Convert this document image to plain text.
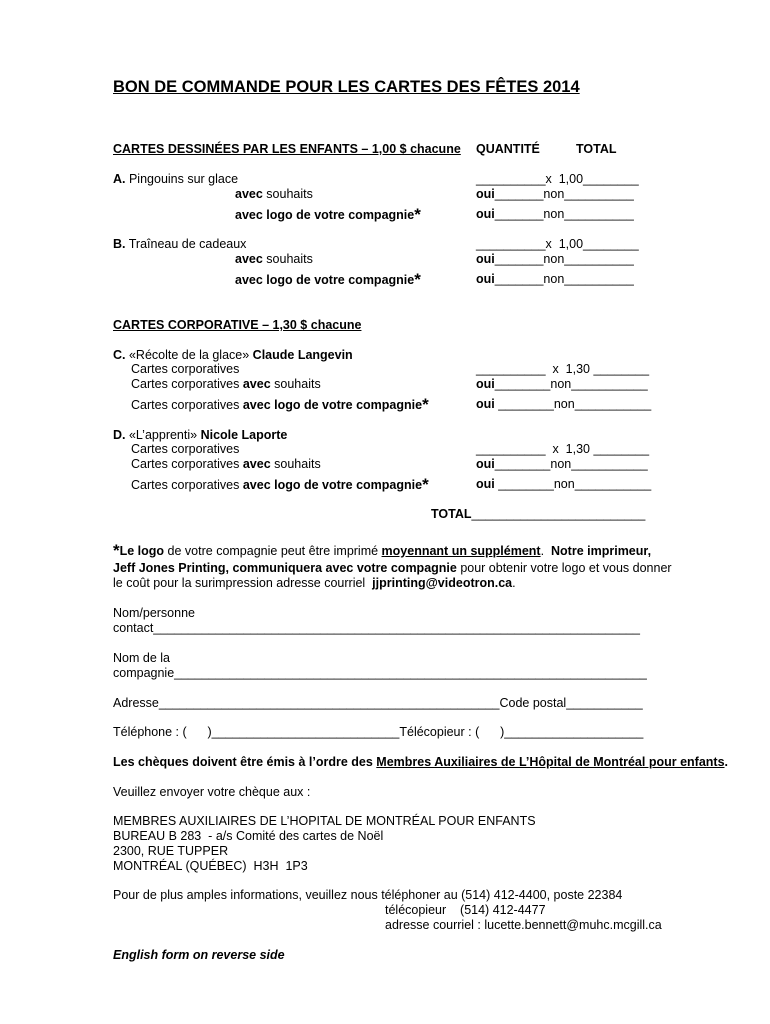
BON DE COMMANDE POUR LES CARTES DES FÊTES 2014
CARTES DESSINÉES PAR LES ENFANTS – 1,00 $ chacune QUANTITÉ	TOTAL
A. Pingouins sur glace	__________x  1,00________
avec souhaits	oui_______non__________
avec logo de votre compagnie*	oui_______non__________
B. Traîneau de cadeaux	__________x  1,00________
avec souhaits	oui_______non__________
avec logo de votre compagnie*	oui_______non__________
CARTES CORPORATIVE – 1,30 $ chacune
C. «Récolte de la glace» Claude Langevin
Cartes corporatives	__________  x  1,30 ________
Cartes corporatives avec souhaits	oui________non___________
Cartes corporatives avec logo de votre compagnie*	oui ________non___________
D. «L’apprenti» Nicole Laporte
Cartes corporatives	__________  x  1,30 ________
Cartes corporatives avec souhaits	oui________non___________
Cartes corporatives avec logo de votre compagnie*	oui ________non___________
TOTAL_________________________
*Le logo de votre compagnie peut être imprimé moyennant un supplément.  Notre imprimeur,
Jeff Jones Printing, communiquera avec votre compagnie pour obtenir votre logo et vous donner
le coût pour la surimpression adresse courriel  jjprinting@videotron.ca.
Nom/personne
contact______________________________________________________________________
Nom de la
compagnie____________________________________________________________________
Adresse_________________________________________________Code postal___________
Téléphone : (      )___________________________Télécopieur : (      )____________________
Les chèques doivent être émis à l’ordre des Membres Auxiliaires de L’Hôpital de Montréal pour enfants.
Veuillez envoyer votre chèque aux :
MEMBRES AUXILIAIRES DE L’HOPITAL DE MONTRÉAL POUR ENFANTS
BUREAU B 283  - a/s Comité des cartes de Noël
2300, RUE TUPPER
MONTRÉAL (QUÉBEC)  H3H  1P3
Pour de plus amples informations, veuillez nous téléphoner au (514) 412-4400, poste 22384
télécopieur    (514) 412-4477
adresse courriel : lucette.bennett@muhc.mcgill.ca
English form on reverse side
